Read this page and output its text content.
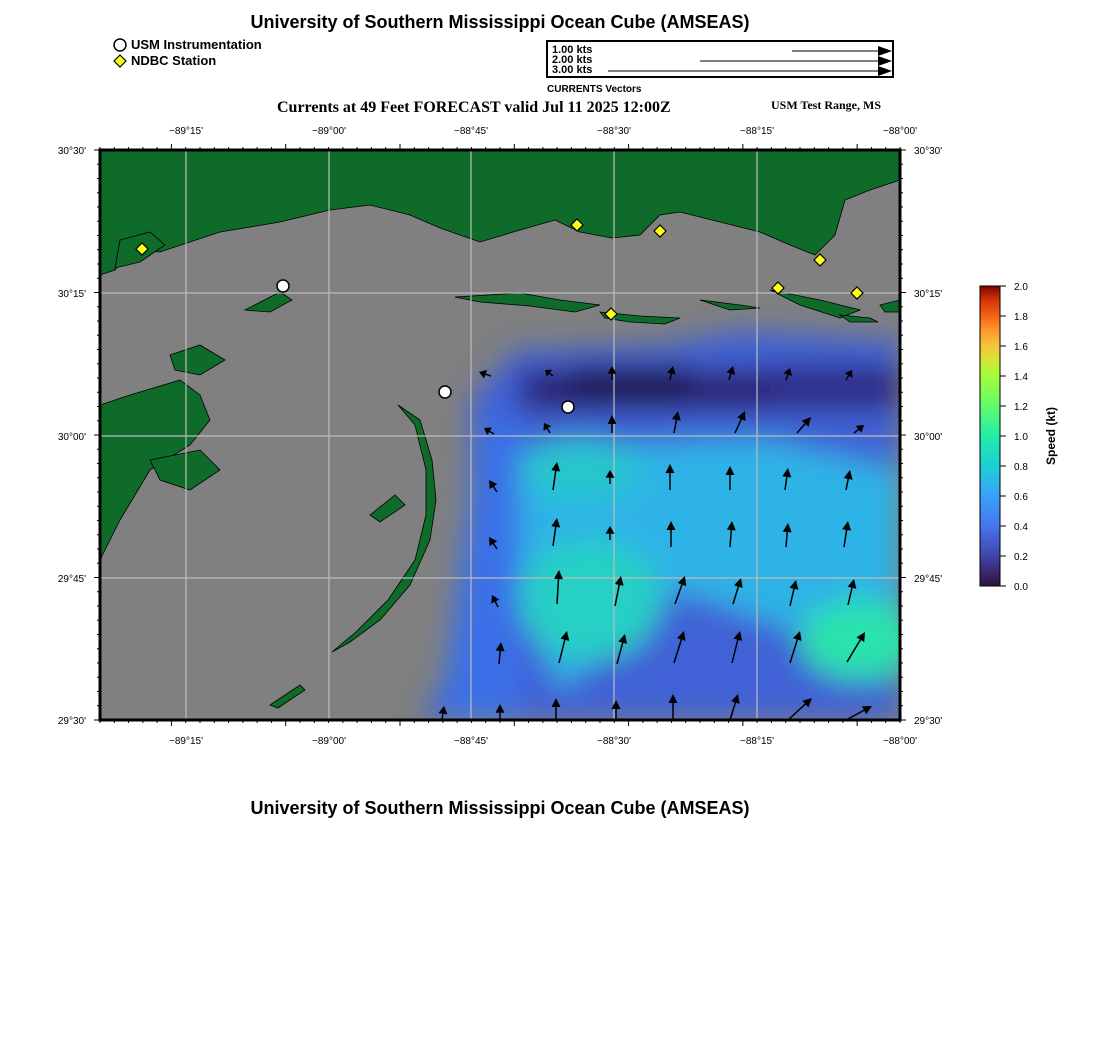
University of Southern Mississippi Ocean Cube (AMSEAS)
USM Instrumentation
NDBC Station
1.00 kts
2.00 kts
3.00 kts
CURRENTS Vectors
Currents at 49 Feet FORECAST valid Jul 11 2025 12:00Z	USM Test Range, MS
−89°15'	−89°00'	−88°45'	−88°30'	−88°15'	−88°00'
−89°15'	−89°00'	−88°45'	−88°30'	−88°15'	−88°00'
30°30'
30°15'
30°00'
29°45'
29°30'
30°30'
30°15'
30°00'
29°45'
29°30'
2.0
1.8
1.6
1.4
1.2
1.0
0.8
0.6
0.4
0.2
0.0
Speed (kt)
University of Southern Mississippi Ocean Cube (AMSEAS)
